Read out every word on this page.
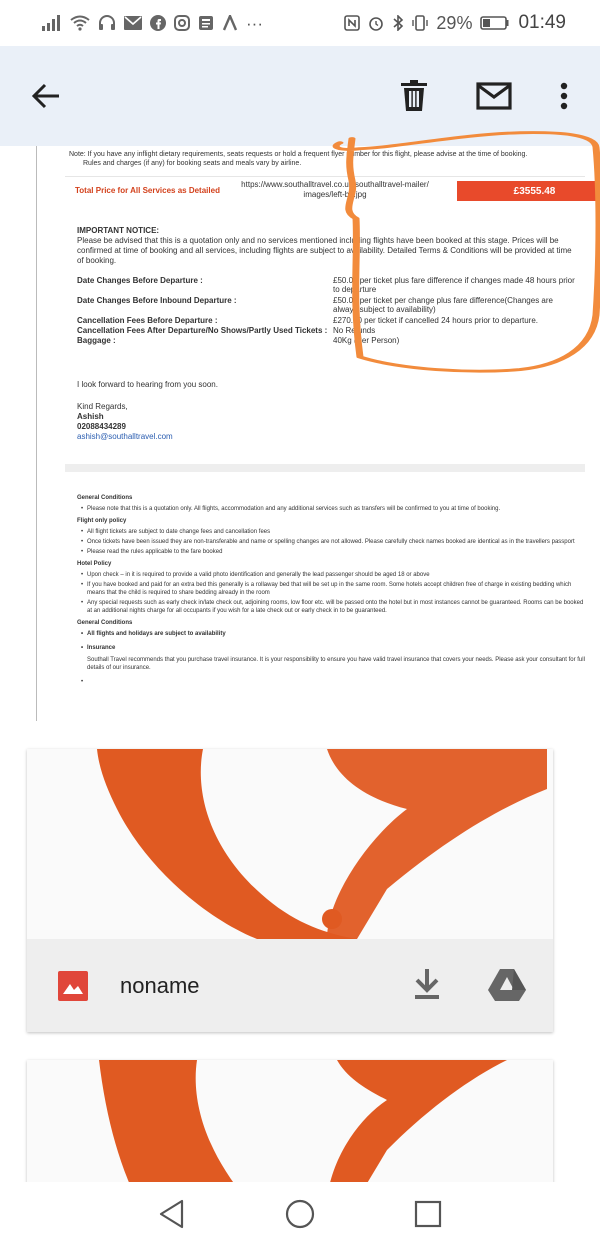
···	29% 01:49
Note: If you have any inflight dietary requirements, seats requests or hold a frequent flyer number for this flight, please advise at the time of booking.
Rules and charges (if any) for booking seats and meals vary by airline.
Total Price for All Services as Detailed
https://www.southalltravel.co.uk/southalltravel-mailer/images/left-bg.jpg	£3555.48
IMPORTANT NOTICE:
Please be advised that this is a quotation only and no services mentioned including flights have been booked at this stage. Prices will be confirmed at time of booking and all services, including flights are subject to availability. Detailed Terms & Conditions will be provided at time of booking.
Date Changes Before Departure :	£50.00 per ticket plus fare difference if changes made 48 hours prior to departure
Date Changes Before Inbound Departure :	£50.00 per ticket per change plus fare difference(Changes are always subject to availability)
Cancellation Fees Before Departure :	£270.00 per ticket if cancelled 24 hours prior to departure.
Cancellation Fees After Departure/No Shows/Partly Used Tickets : No Refunds
Baggage :	40Kg (Per Person)
I look forward to hearing from you soon.
Kind Regards,
Ashish
02088434289
ashish@southalltravel.com
General Conditions
• Please note that this is a quotation only. All flights, accommodation and any additional services such as transfers will be confirmed to you at time of booking.
Flight only policy
• All flight tickets are subject to date change fees and cancellation fees
• Once tickets have been issued they are non-transferable and name or spelling changes are not allowed. Please carefully check names booked are identical as in the travellers passport
• Please read the rules applicable to the fare booked
Hotel Policy
• Upon check – in it is required to provide a valid photo identification and generally the lead passenger should be aged 18 or above
• If you have booked and paid for an extra bed this generally is a rollaway bed that will be set up in the same room. Some hotels accept children free of charge in existing bedding which means that the child is required to share bedding already in the room
• Any special requests such as early check in/late check out, adjoining rooms, low floor etc. will be passed onto the hotel but in most instances cannot be guaranteed. Rooms can be booked at an additional nights charge for all occupants if you wish for a late check out or early check in to be guaranteed.
General Conditions
• All flights and holidays are subject to availability
• Insurance
Southall Travel recommends that you purchase travel insurance. It is your responsibility to ensure you have valid travel insurance that covers your needs. Please ask your consultant for full details of our insurance.
noname
